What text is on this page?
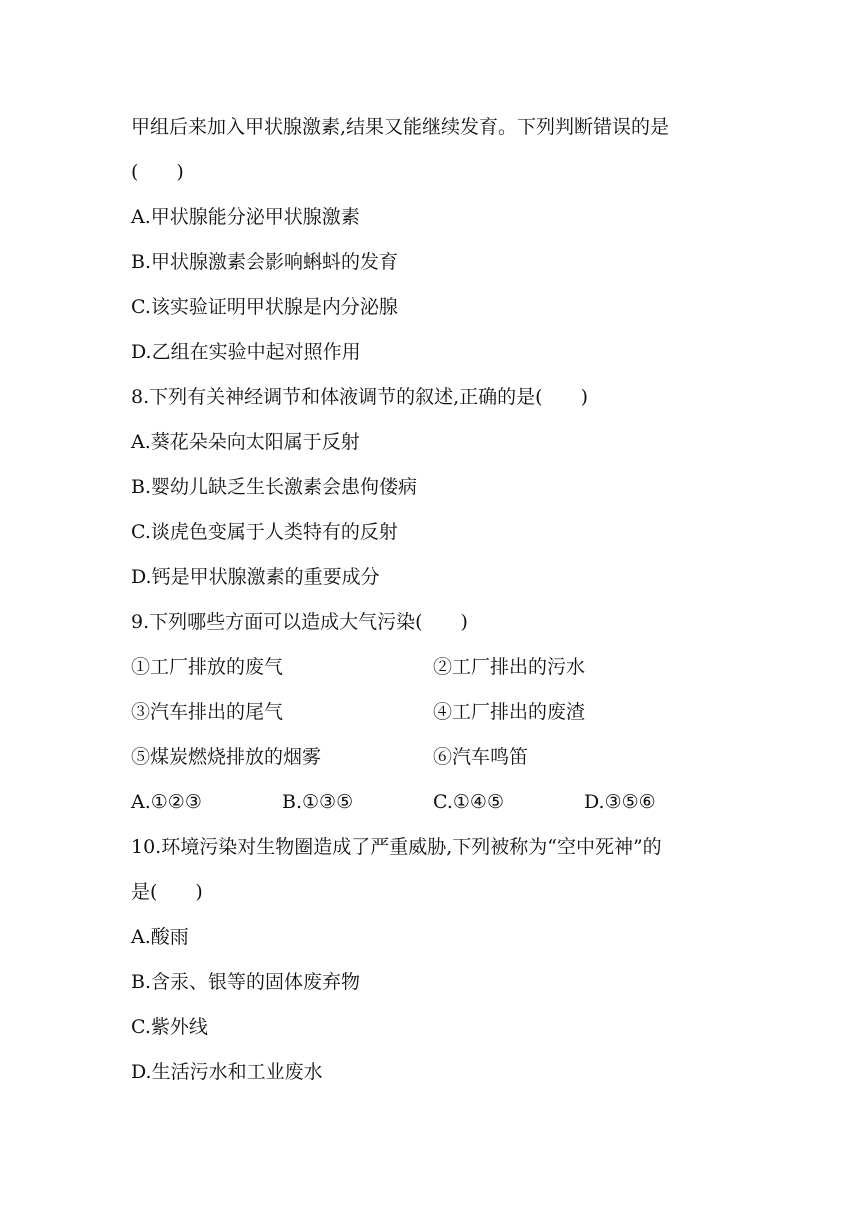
甲组后来加入甲状腺激素,结果又能继续发育。下列判断错误的是
(　　)
A.甲状腺能分泌甲状腺激素
B.甲状腺激素会影响蝌蚪的发育
C.该实验证明甲状腺是内分泌腺
D.乙组在实验中起对照作用
8.下列有关神经调节和体液调节的叙述,正确的是(　　)
A.葵花朵朵向太阳属于反射
B.婴幼儿缺乏生长激素会患佝偻病
C.谈虎色变属于人类特有的反射
D.钙是甲状腺激素的重要成分
9.下列哪些方面可以造成大气污染(　　)
①工厂排放的废气	②工厂排出的污水
③汽车排出的尾气	④工厂排出的废渣
⑤煤炭燃烧排放的烟雾	⑥汽车鸣笛
A.①②③	B.①③⑤	C.①④⑤	D.③⑤⑥
10.环境污染对生物圈造成了严重威胁,下列被称为“空中死神”的
是(　　)
A.酸雨
B.含汞、银等的固体废弃物
C.紫外线
D.生活污水和工业废水
